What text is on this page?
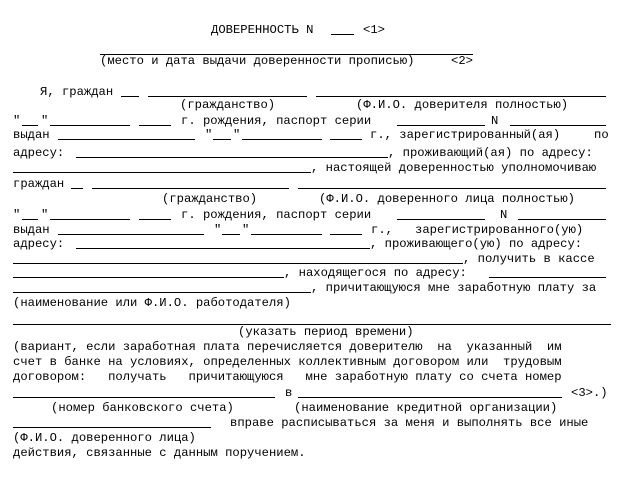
ДОВЕРЕННОСТЬ N

	<1>

(место и дата выдачи доверенности прописью)

	<2>

Я, граждан

(гражданство)

	(Ф.И.О. доверителя полностью)

"

"

	г. рождения, паспорт серии

	N

выдан

	"

"

	г., зарегистрированный(ая)

	по

адресу:

	, проживающий(ая) по адресу:

, настоящей доверенностью уполномочиваю

граждан

(гражданство)

	(Ф.И.О. доверенного лица полностью)

"

"

	г. рождения, паспорт серии

	N

выдан

	"

"

	г.,

зарегистрированного(ую)

адресу:

	, проживающего(ую) по адресу:

, получить в кассе

, находящегося по адресу:

, причитающуюся мне заработную плату за

(наименование или Ф.И.О. работодателя)

(указать период времени)

(вариант, если заработная плата перечисляется доверителю  на  указанный  им

счет в банке на условиях, определенных коллективным договором или  трудовым

договором:   получать   причитающуюся   мне заработную плату со счета номер

в

	<3>.)

(номер банковского счета)

	(наименование кредитной организации)

вправе расписываться за меня и выполнять все иные

(Ф.И.О. доверенного лица)

действия, связанные с данным поручением.
